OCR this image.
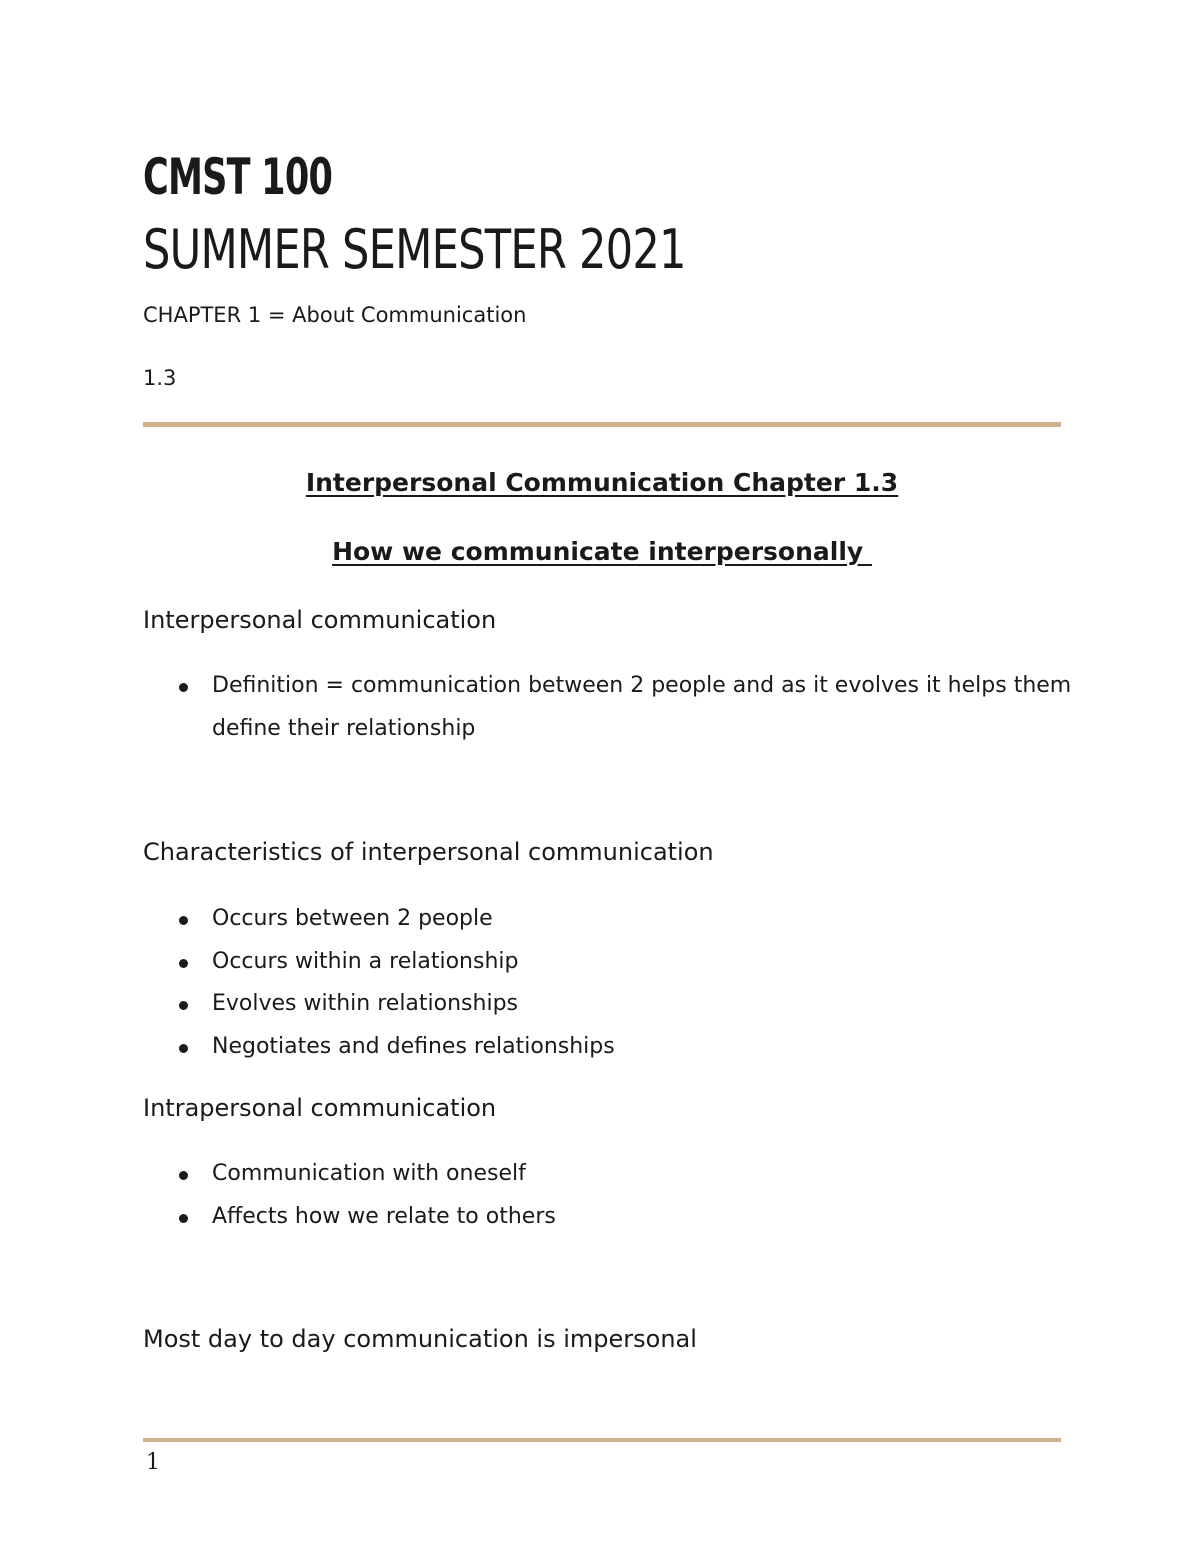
CMST 100
SUMMER SEMESTER 2021
CHAPTER 1 = About Communication
1.3
Interpersonal Communication Chapter 1.3
How we communicate interpersonally
Interpersonal communication
Definition = communication between 2 people and as it evolves it helps them define their relationship
Characteristics of interpersonal communication
Occurs between 2 people
Occurs within a relationship
Evolves within relationships
Negotiates and defines relationships
Intrapersonal communication
Communication with oneself
Affects how we relate to others
Most day to day communication is impersonal
1
